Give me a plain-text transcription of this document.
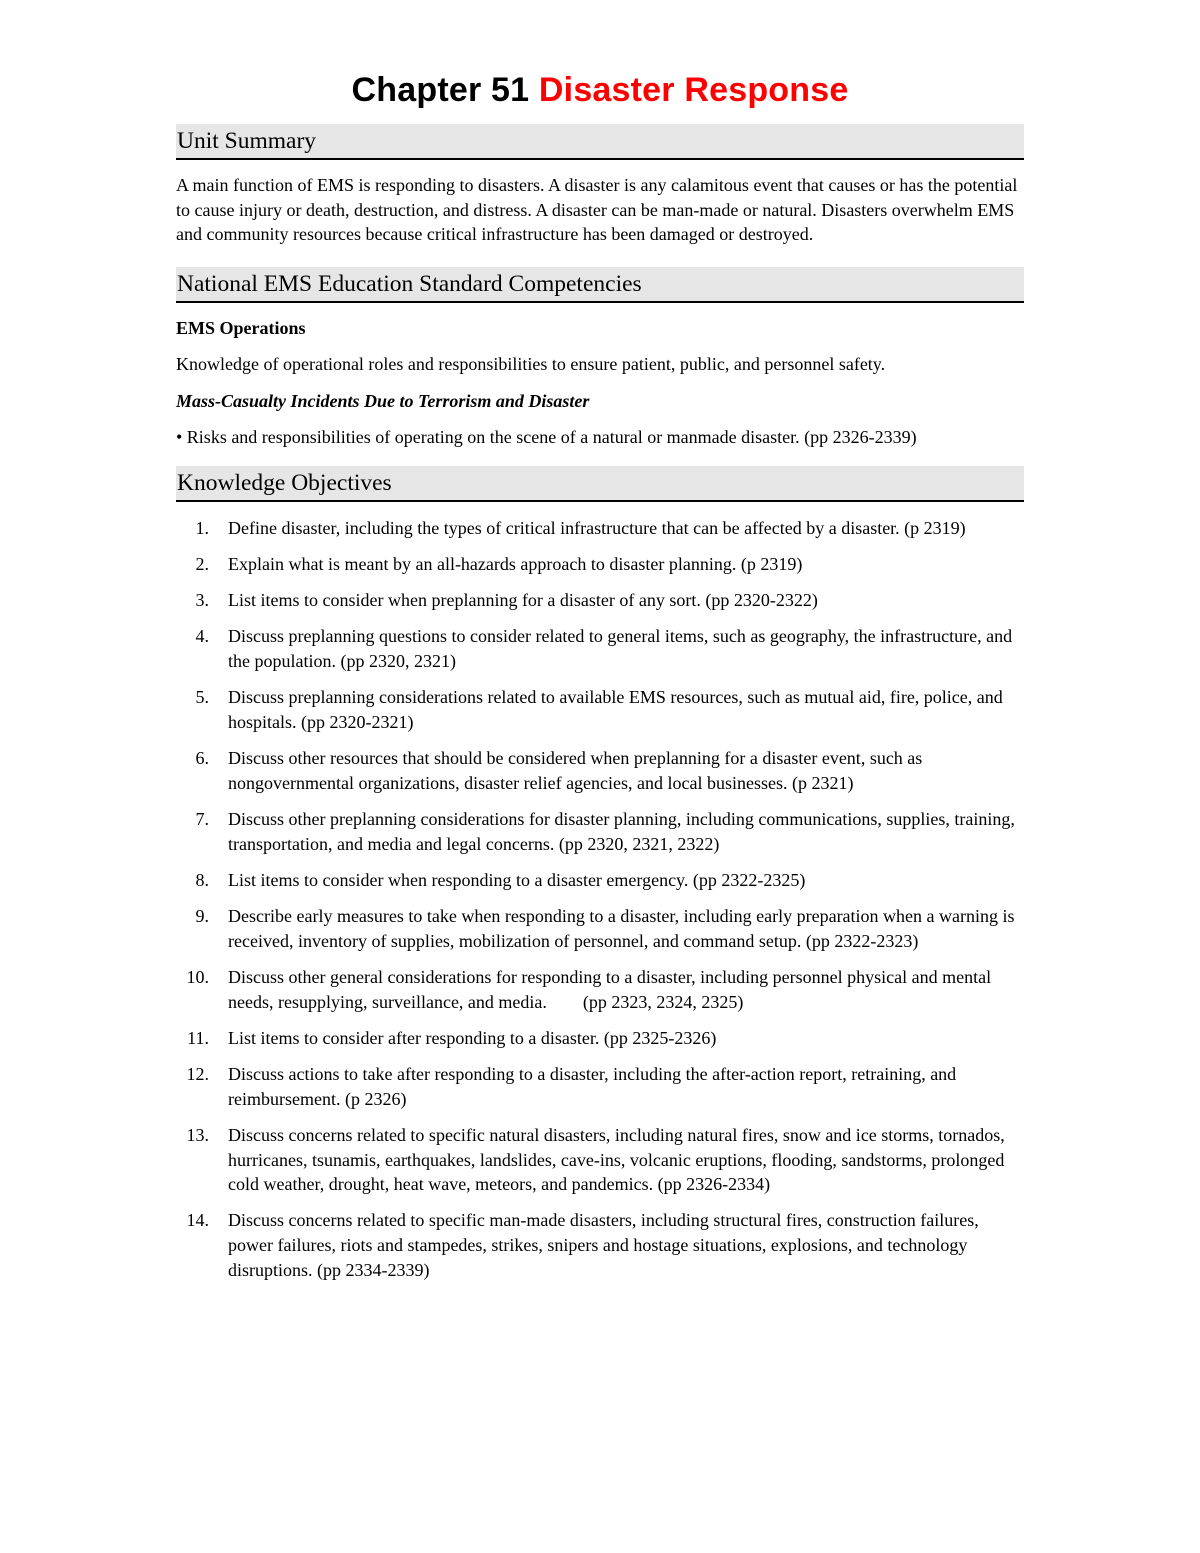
Chapter 51 Disaster Response
Unit Summary

A main function of EMS is responding to disasters. A disaster is any calamitous event that causes or has the potential to cause injury or death, destruction, and distress. A disaster can be man-made or natural. Disasters overwhelm EMS and community resources because critical infrastructure has been damaged or destroyed.

National EMS Education Standard Competencies
EMS Operations

Knowledge of operational roles and responsibilities to ensure patient, public, and personnel safety.

Mass-Casualty Incidents Due to Terrorism and Disaster

• Risks and responsibilities of operating on the scene of a natural or manmade disaster. (pp 2326-2339)

Knowledge Objectives
1.	Define disaster, including the types of critical infrastructure that can be affected by a disaster. (p 2319)
2.	Explain what is meant by an all-hazards approach to disaster planning. (p 2319)
3.	List items to consider when preplanning for a disaster of any sort. (pp 2320-2322)
4.	Discuss preplanning questions to consider related to general items, such as geography, the infrastructure, and the population. (pp 2320, 2321)
5.	Discuss preplanning considerations related to available EMS resources, such as mutual aid, fire, police, and hospitals. (pp 2320-2321)
6.	Discuss other resources that should be considered when preplanning for a disaster event, such as nongovernmental organizations, disaster relief agencies, and local businesses. (p 2321)
7.	Discuss other preplanning considerations for disaster planning, including communications, supplies, training, transportation, and media and legal concerns. (pp 2320, 2321, 2322)
8.	List items to consider when responding to a disaster emergency. (pp 2322-2325)
9.	Describe early measures to take when responding to a disaster, including early preparation when a warning is received, inventory of supplies, mobilization of personnel, and command setup. (pp 2322-2323)
10.	Discuss other general considerations for responding to a disaster, including personnel physical and mental needs, resupplying, surveillance, and media.        (pp 2323, 2324, 2325)
11.	List items to consider after responding to a disaster. (pp 2325-2326)
12.	Discuss actions to take after responding to a disaster, including the after-action report, retraining, and reimbursement. (p 2326)
13.	Discuss concerns related to specific natural disasters, including natural fires, snow and ice storms, tornados, hurricanes, tsunamis, earthquakes, landslides, cave-ins, volcanic eruptions, flooding, sandstorms, prolonged cold weather, drought, heat wave, meteors, and pandemics. (pp 2326-2334)
14.	Discuss concerns related to specific man-made disasters, including structural fires, construction failures, power failures, riots and stampedes, strikes, snipers and hostage situations, explosions, and technology disruptions. (pp 2334-2339)
